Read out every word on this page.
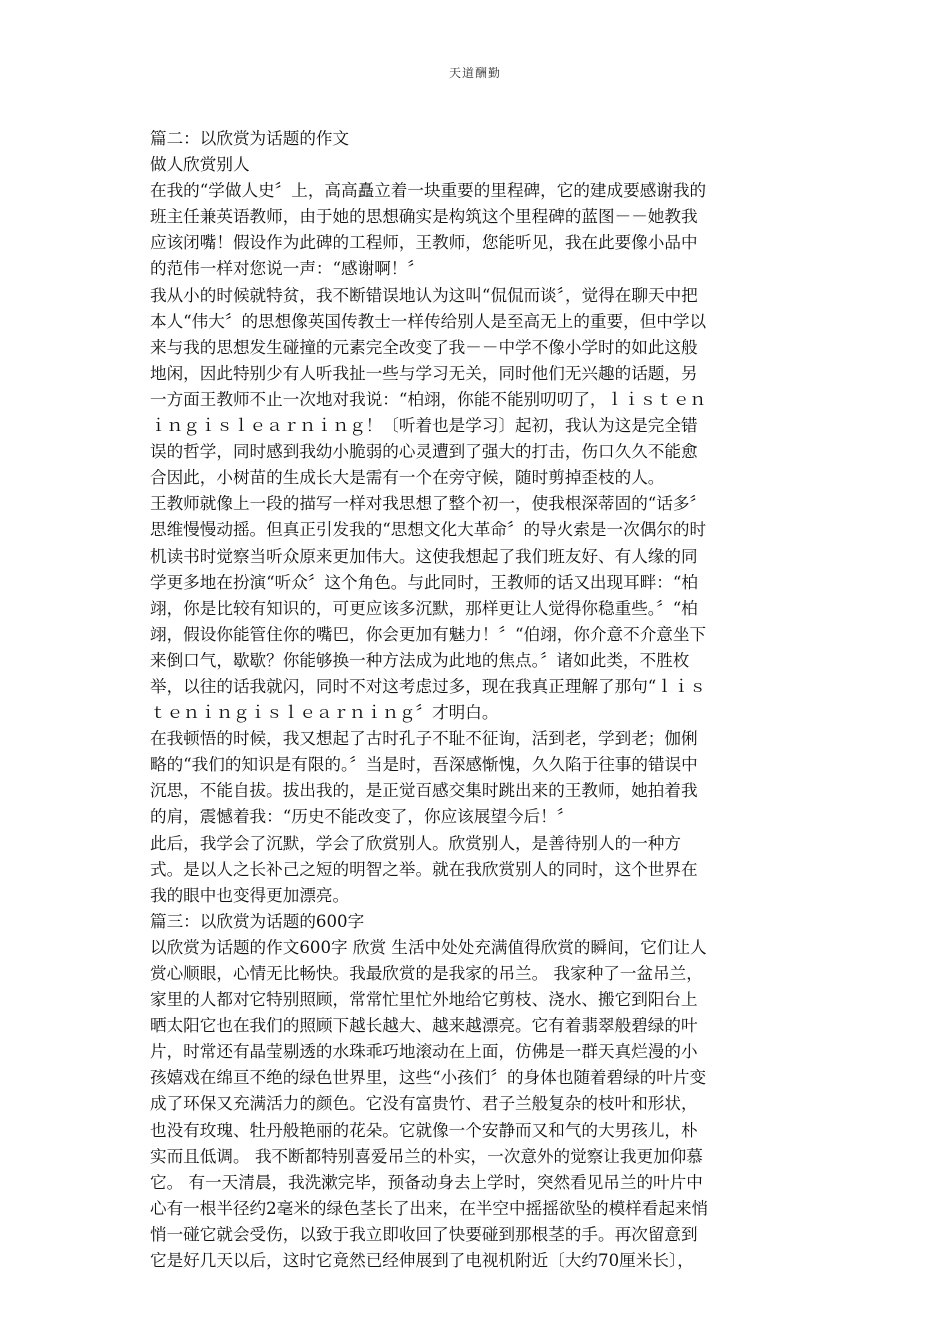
天道酬勤
篇二：以欣赏为话题的作文
做人欣赏别人
在我的“学做人史〞上，高高矗立着一块重要的里程碑，它的建成要感谢我的
班主任兼英语教师，由于她的思想确实是构筑这个里程碑的蓝图－－她教我
应该闭嘴！假设作为此碑的工程师，王教师，您能听见，我在此要像小品中
的范伟一样对您说一声：“感谢啊！〞
我从小的时候就特贫，我不断错误地认为这叫“侃侃而谈〞，觉得在聊天中把
本人“伟大〞的思想像英国传教士一样传给别人是至高无上的重要，但中学以
来与我的思想发生碰撞的元素完全改变了我－－中学不像小学时的如此这般
地闲，因此特别少有人听我扯一些与学习无关，同时他们无兴趣的话题，另
一方面王教师不止一次地对我说：“柏翊，你能不能别叨叨了，ｌｉｓｔｅｎ
ｉｎｇｉｓｌｅａｒｎｉｎｇ！〔听着也是学习〕起初，我认为这是完全错
误的哲学，同时感到我幼小脆弱的心灵遭到了强大的打击，伤口久久不能愈
合因此，小树苗的生成长大是需有一个在旁守候，随时剪掉歪枝的人。
王教师就像上一段的描写一样对我思想了整个初一，使我根深蒂固的“话多〞
思维慢慢动摇。但真正引发我的“思想文化大革命〞的导火索是一次偶尔的时
机读书时觉察当听众原来更加伟大。这使我想起了我们班友好、有人缘的同
学更多地在扮演“听众〞这个角色。与此同时，王教师的话又出现耳畔：“柏
翊，你是比较有知识的，可更应该多沉默，那样更让人觉得你稳重些。〞“柏
翊，假设你能管住你的嘴巴，你会更加有魅力！〞“伯翊，你介意不介意坐下
来倒口气，歇歇？你能够换一种方法成为此地的焦点。〞诸如此类，不胜枚
举，以往的话我就闪，同时不对这考虑过多，现在我真正理解了那句“ｌｉｓ
ｔｅｎｉｎｇｉｓｌｅａｒｎｉｎｇ〞才明白。
在我顿悟的时候，我又想起了古时孔子不耻不征询，活到老，学到老；伽俐
略的“我们的知识是有限的。〞当是时，吾深感惭愧，久久陷于往事的错误中
沉思，不能自拔。拔出我的，是正觉百感交集时跳出来的王教师，她拍着我
的肩，震憾着我：“历史不能改变了，你应该展望今后！〞
此后，我学会了沉默，学会了欣赏别人。欣赏别人，是善待别人的一种方
式。是以人之长补己之短的明智之举。就在我欣赏别人的同时，这个世界在
我的眼中也变得更加漂亮。
篇三：以欣赏为话题的600字
以欣赏为话题的作文600字 欣赏 生活中处处充满值得欣赏的瞬间，它们让人
赏心顺眼，心情无比畅快。我最欣赏的是我家的吊兰。 我家种了一盆吊兰，
家里的人都对它特别照顾，常常忙里忙外地给它剪枝、浇水、搬它到阳台上
晒太阳它也在我们的照顾下越长越大、越来越漂亮。它有着翡翠般碧绿的叶
片，时常还有晶莹剔透的水珠乖巧地滚动在上面，仿佛是一群天真烂漫的小
孩嬉戏在绵亘不绝的绿色世界里，这些“小孩们〞的身体也随着碧绿的叶片变
成了环保又充满活力的颜色。它没有富贵竹、君子兰般复杂的枝叶和形状，
也没有玫瑰、牡丹般艳丽的花朵。它就像一个安静而又和气的大男孩儿，朴
实而且低调。 我不断都特别喜爱吊兰的朴实，一次意外的觉察让我更加仰慕
它。 有一天清晨，我洗漱完毕，预备动身去上学时，突然看见吊兰的叶片中
心有一根半径约2毫米的绿色茎长了出来，在半空中摇摇欲坠的模样看起来悄
悄一碰它就会受伤，以致于我立即收回了快要碰到那根茎的手。再次留意到
它是好几天以后，这时它竟然已经伸展到了电视机附近〔大约70厘米长〕，
